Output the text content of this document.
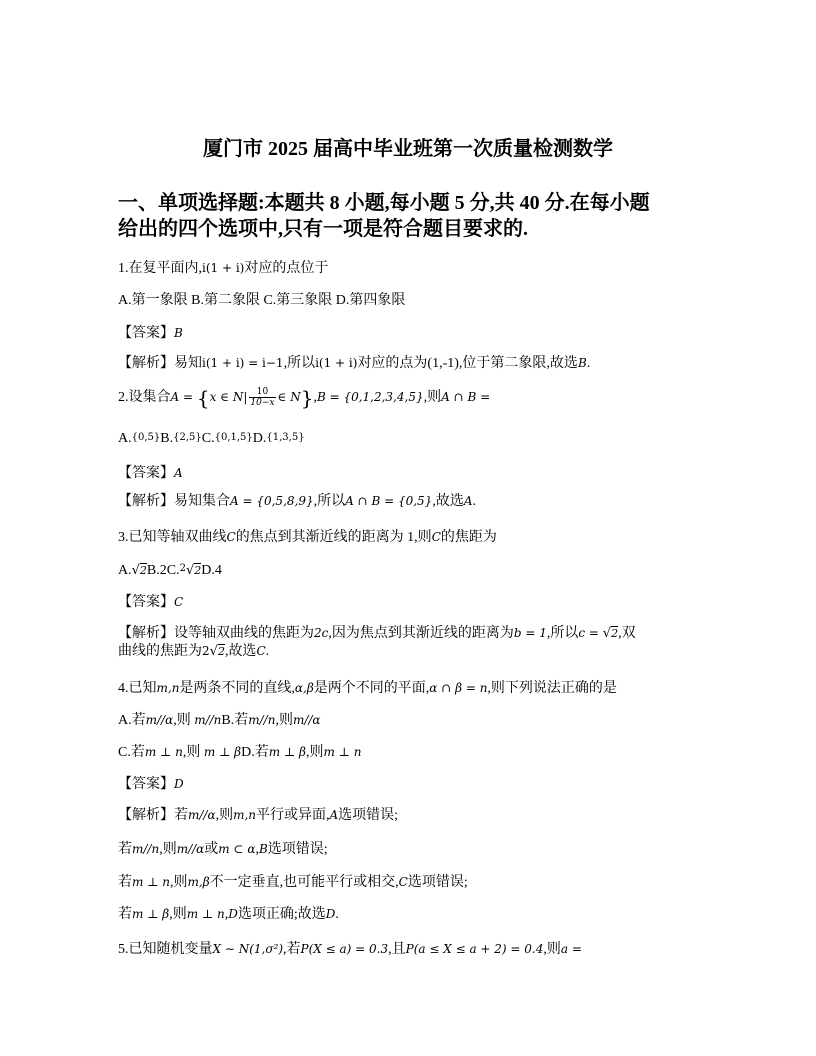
厦门市 2025 届高中毕业班第一次质量检测数学
一、单项选择题:本题共 8 小题,每小题 5 分,共 40 分.在每小题
给出的四个选项中,只有一项是符合题目要求的.
1.在复平面内,i(1 + i)对应的点位于
A.第一象限 B.第二象限 C.第三象限 D.第四象限
【答案】B
【解析】易知i(1 + i) = i−1,所以i(1 + i)对应的点为(1,-1),位于第二象限,故选B.
2.设集合A = {x ∈ $N| \frac{10}{10-x}$ ∈ N},B = {0,1,2,3,4,5},则A ∩ B =
A.{0,5}B.{2,5}C.{0,1,5}D.{1,3,5}
【答案】A
【解析】易知集合A = {0,5,8,9},所以A ∩ B = {0,5},故选A.
3.已知等轴双曲线C的焦点到其渐近线的距离为 1,则C的焦距为
A.√2B.2C.$^2$√2D.4
【答案】C
【解析】设等轴双曲线的焦距为2c,因为焦点到其渐近线的距离为b = 1,所以c = √2,双
曲线的焦距为2√2,故选C.
4.已知m,n是两条不同的直线,α,β是两个不同的平面,α ∩ β = n,则下列说法正确的是
A.若m//α,则 m//nB.若m//n,则m//α
C.若m ⊥ n,则 m ⊥ βD.若m ⊥ β,则m ⊥ n
【答案】D
【解析】若m//α,则m,n平行或异面,A选项错误;
若m//n,则m//α或m ⊂ α,B选项错误;
若m ⊥ n,则m,β不一定垂直,也可能平行或相交,C选项错误;
若m ⊥ β,则m ⊥ n,D选项正确;故选D.
5.已知随机变量X ∼ N(1,σ²),若P(X ≤ a) = 0.3,且P(a ≤ X ≤ a + 2) = 0.4,则a =
